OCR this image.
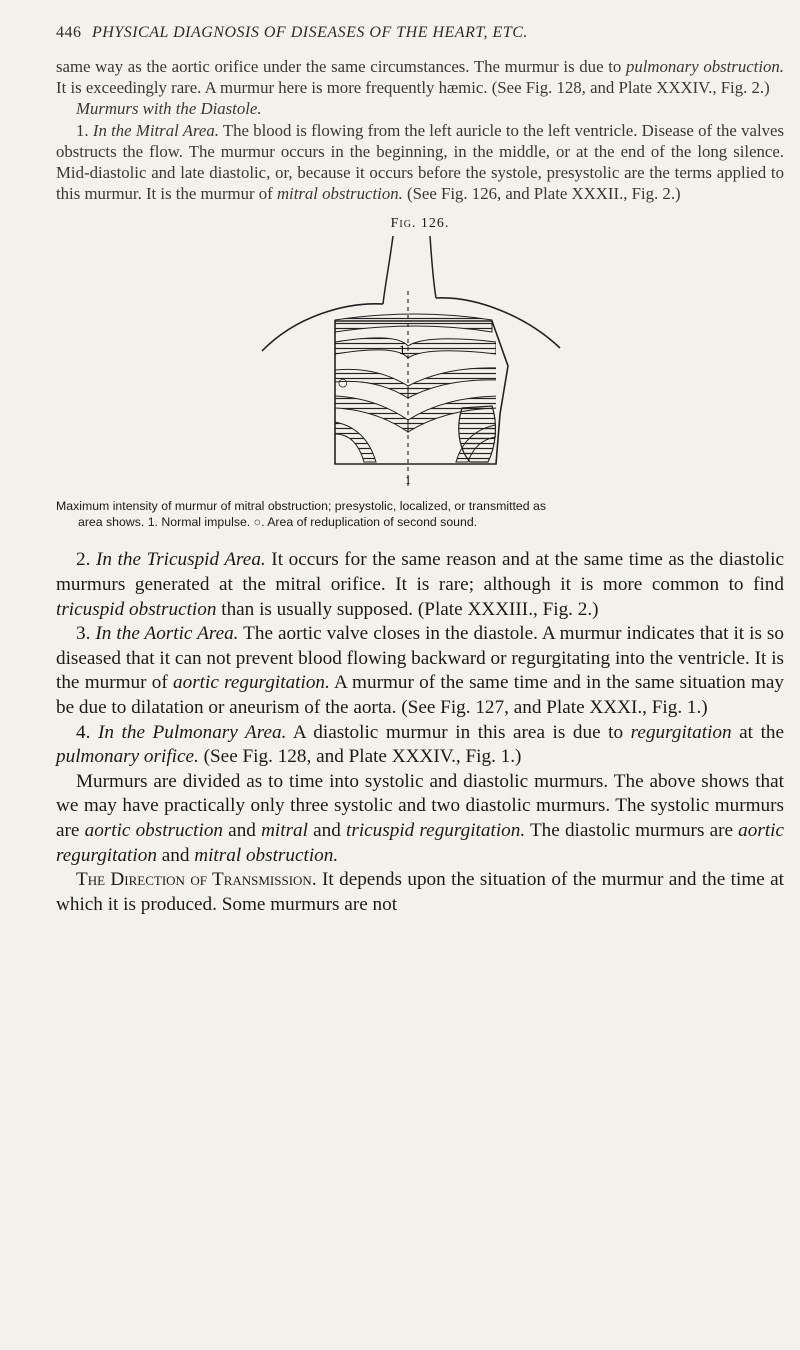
446 PHYSICAL DIAGNOSIS OF DISEASES OF THE HEART, ETC.

same way as the aortic orifice under the same circumstances. The murmur is due to pulmonary obstruction. It is exceedingly rare. A murmur here is more frequently hæmic. (See Fig. 128, and Plate XXXIV., Fig. 2.)

Murmurs with the Diastole.

1. In the Mitral Area. The blood is flowing from the left auricle to the left ventricle. Disease of the valves obstructs the flow. The murmur occurs in the beginning, in the middle, or at the end of the long silence. Mid-diastolic and late diastolic, or, because it occurs before the systole, presystolic are the terms applied to this murmur. It is the murmur of mitral obstruction. (See Fig. 126, and Plate XXXII., Fig. 2.)

Fig. 126.
1
○
1
Maximum intensity of murmur of mitral obstruction; presystolic, localized, or transmitted as
area shows. 1. Normal impulse. ○. Area of reduplication of second sound.

2. In the Tricuspid Area. It occurs for the same reason and at the same time as the diastolic murmurs generated at the mitral orifice. It is rare; although it is more common to find tricuspid obstruction than is usually supposed. (Plate XXXIII., Fig. 2.)

3. In the Aortic Area. The aortic valve closes in the diastole. A murmur indicates that it is so diseased that it can not prevent blood flowing backward or regurgitating into the ventricle. It is the murmur of aortic regurgitation. A murmur of the same time and in the same situation may be due to dilatation or aneurism of the aorta. (See Fig. 127, and Plate XXXI., Fig. 1.)

4. In the Pulmonary Area. A diastolic murmur in this area is due to regurgitation at the pulmonary orifice. (See Fig. 128, and Plate XXXIV., Fig. 1.)

Murmurs are divided as to time into systolic and diastolic murmurs. The above shows that we may have practically only three systolic and two diastolic murmurs. The systolic murmurs are aortic obstruction and mitral and tricuspid regurgitation. The diastolic murmurs are aortic regurgitation and mitral obstruction.

The Direction of Transmission. It depends upon the situation of the murmur and the time at which it is produced. Some murmurs are not
